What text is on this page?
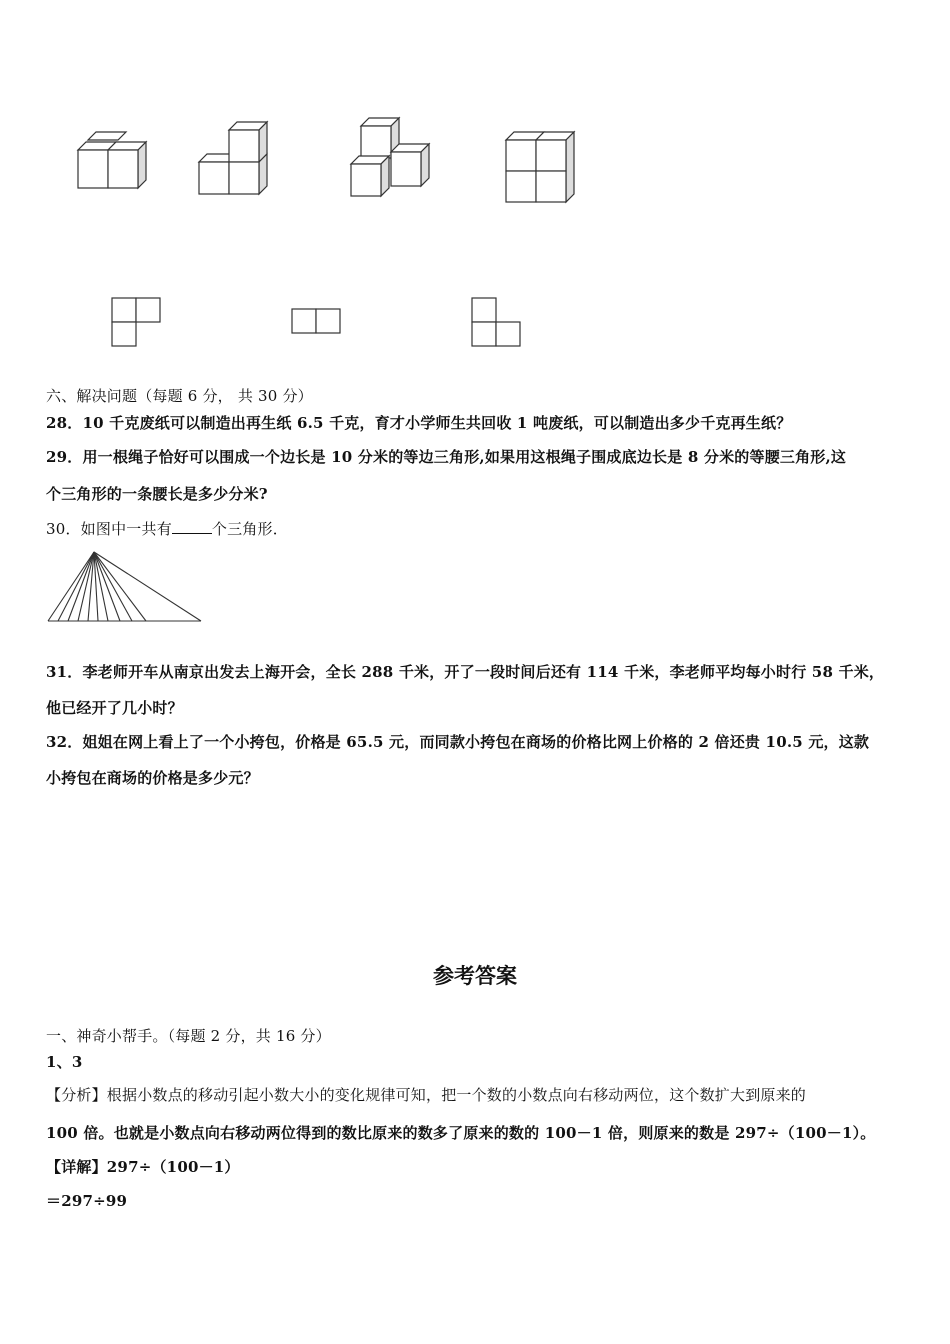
六、解决问题（每题 6 分， 共 30 分）
28．10 千克废纸可以制造出再生纸 6.5 千克，育才小学师生共回收 1 吨废纸，可以制造出多少千克再生纸？
29．用一根绳子恰好可以围成一个边长是 10 分米的等边三角形,如果用这根绳子围成底边长是 8 分米的等腰三角形,这
个三角形的一条腰长是多少分米?
30．如图中一共有	个三角形．
31．李老师开车从南京出发去上海开会，全长 288 千米，开了一段时间后还有 114 千米，李老师平均每小时行 58 千米，
他已经开了几小时？
32．姐姐在网上看上了一个小挎包，价格是 65.5 元，而同款小挎包在商场的价格比网上价格的 2 倍还贵 10.5 元，这款
小挎包在商场的价格是多少元？
参考答案
一、神奇小帮手。（每题 2 分，共 16 分）
1、3
【分析】根据小数点的移动引起小数大小的变化规律可知，把一个数的小数点向右移动两位，这个数扩大到原来的
100 倍。也就是小数点向右移动两位得到的数比原来的数多了原来的数的 100－1 倍，则原来的数是 297÷（100－1）。
【详解】297÷（100－1）
＝297÷99
